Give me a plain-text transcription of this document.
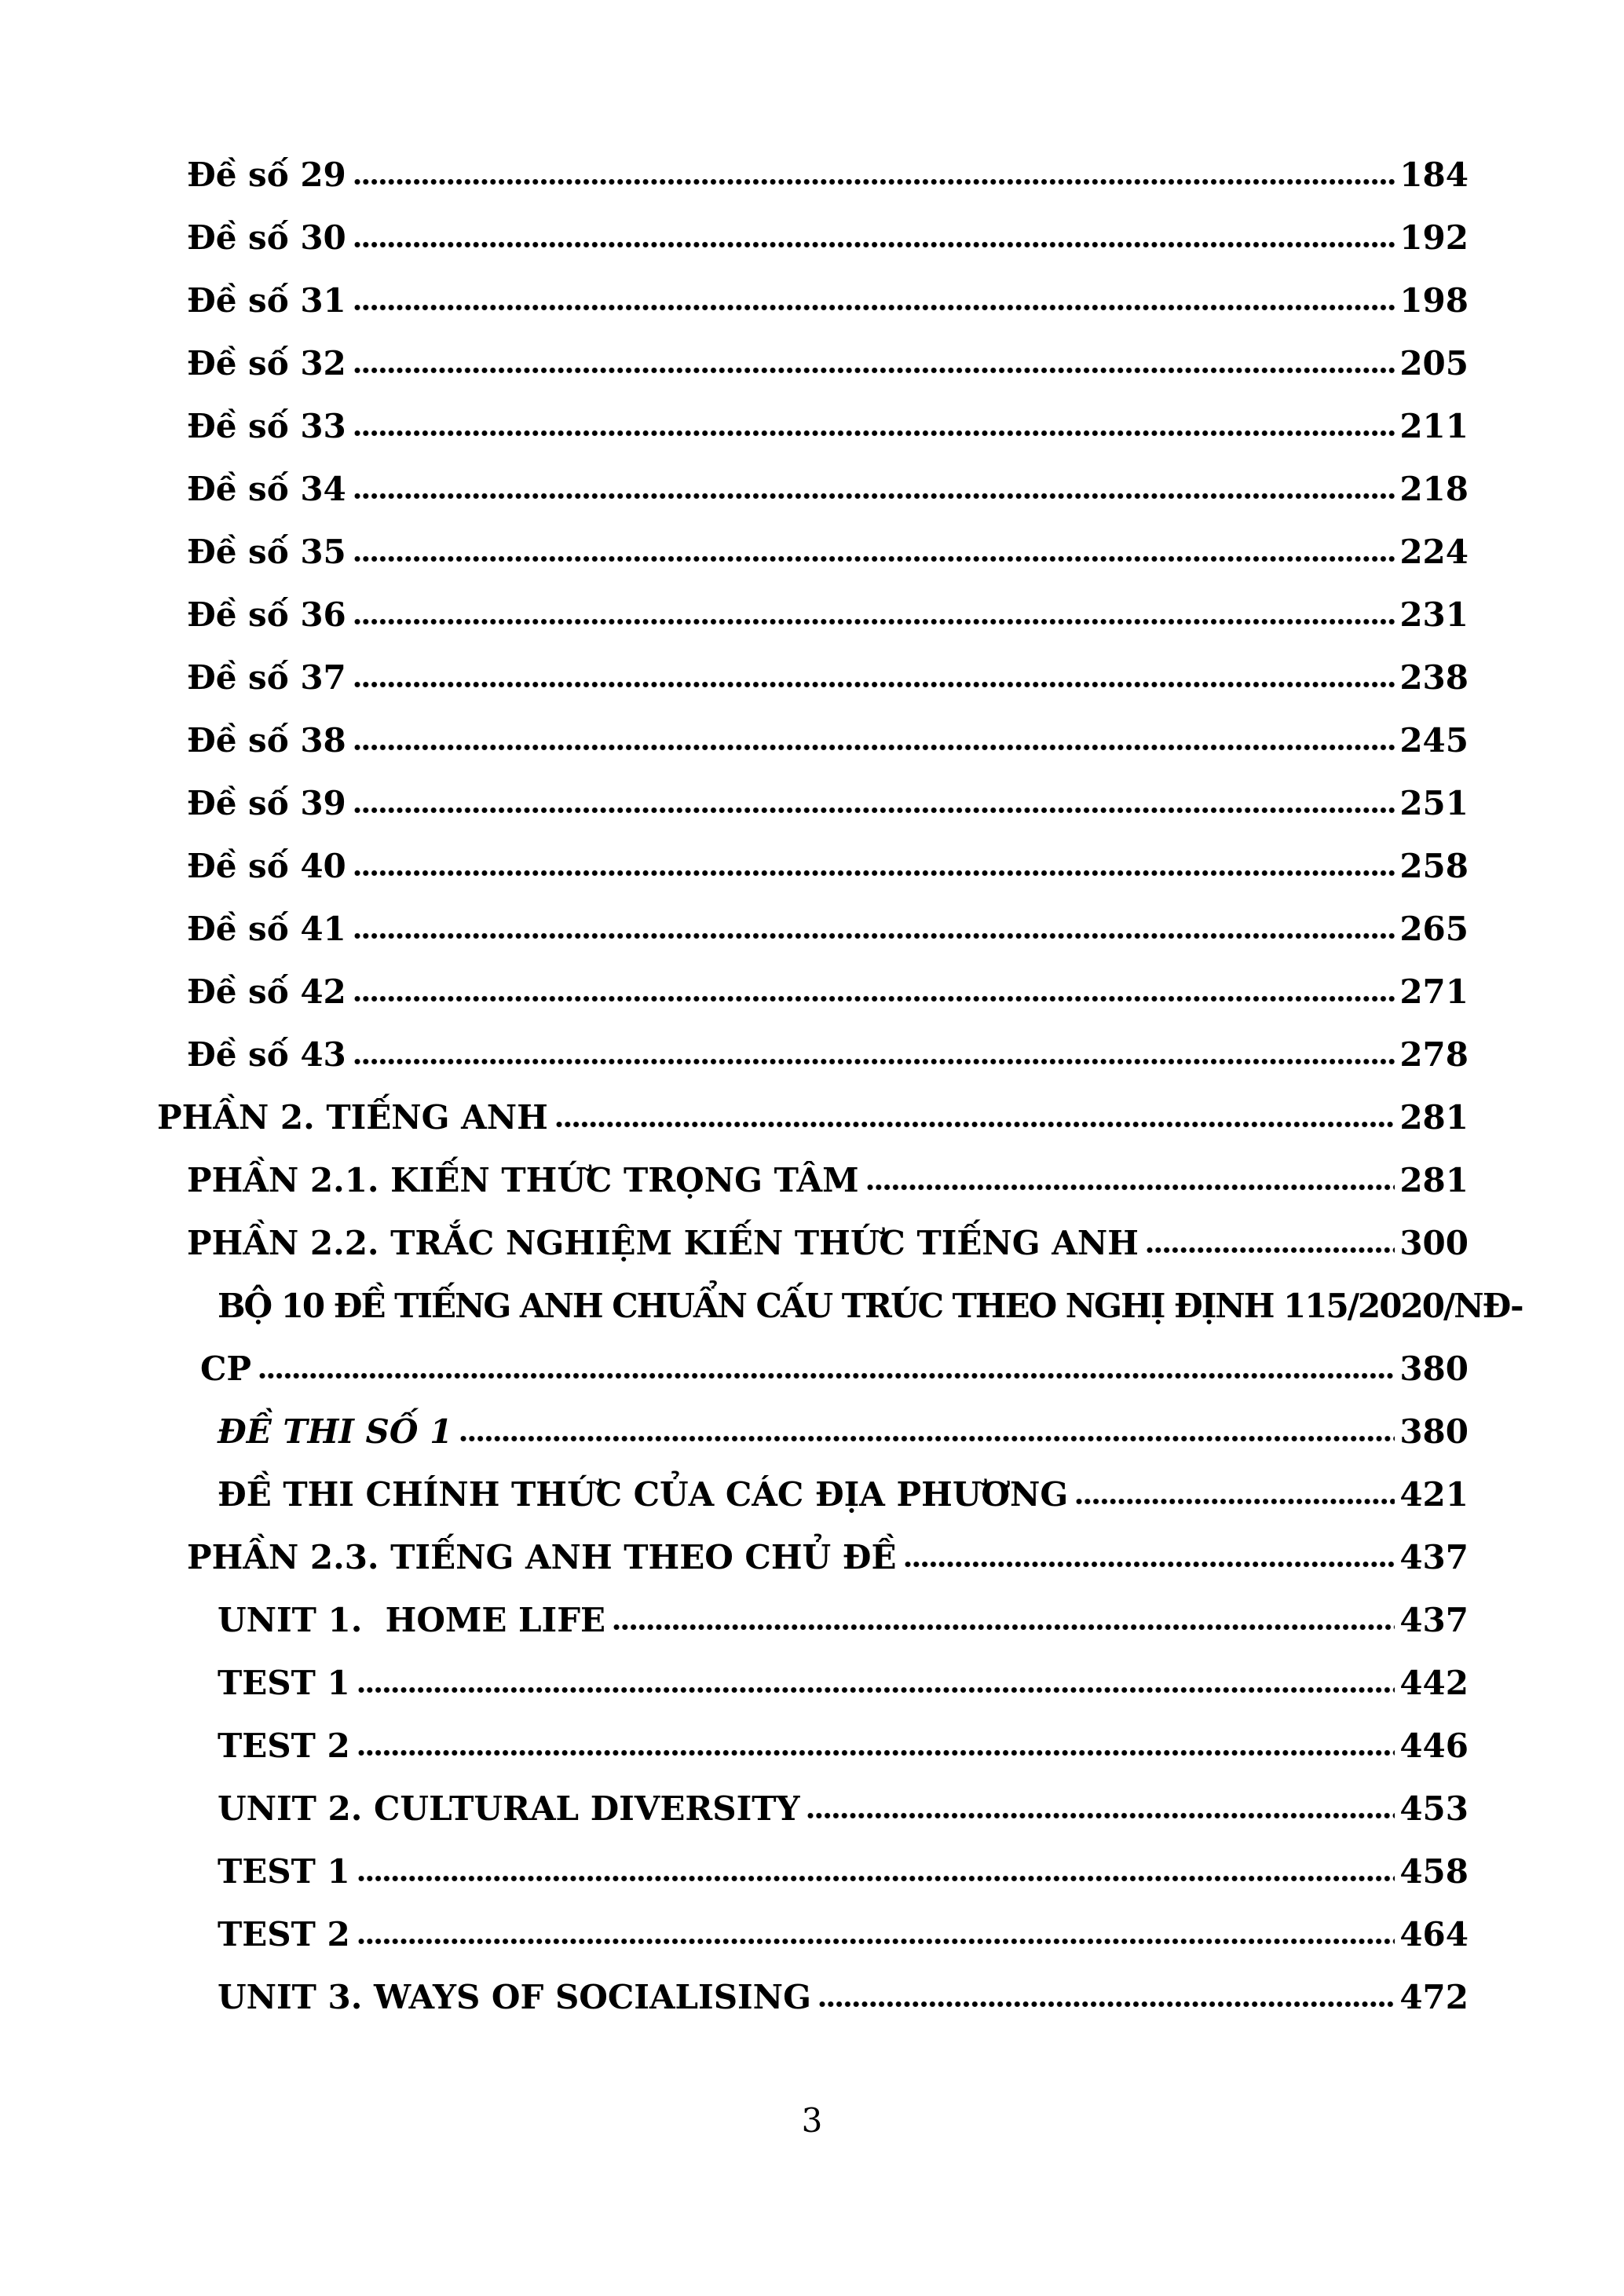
Đề số 29	184
Đề số 30	192
Đề số 31	198
Đề số 32	205
Đề số 33	211
Đề số 34	218
Đề số 35	224
Đề số 36	231
Đề số 37	238
Đề số 38	245
Đề số 39	251
Đề số 40	258
Đề số 41	265
Đề số 42	271
Đề số 43	278
PHẦN 2. TIẾNG ANH	281
PHẦN 2.1. KIẾN THỨC TRỌNG TÂM	281
PHẦN 2.2. TRẮC NGHIỆM KIẾN THỨC TIẾNG ANH	300
BỘ 10 ĐỀ TIẾNG ANH CHUẨN CẤU TRÚC THEO NGHỊ ĐỊNH 115/2020/NĐ-
CP	380
ĐỀ THI SỐ 1	380
ĐỀ THI CHÍNH THỨC CỦA CÁC ĐỊA PHƯƠNG	421
PHẦN 2.3. TIẾNG ANH THEO CHỦ ĐỀ	437
UNIT 1.  HOME LIFE	437
TEST 1	442
TEST 2	446
UNIT 2. CULTURAL DIVERSITY	453
TEST 1	458
TEST 2	464
UNIT 3. WAYS OF SOCIALISING	472
3
